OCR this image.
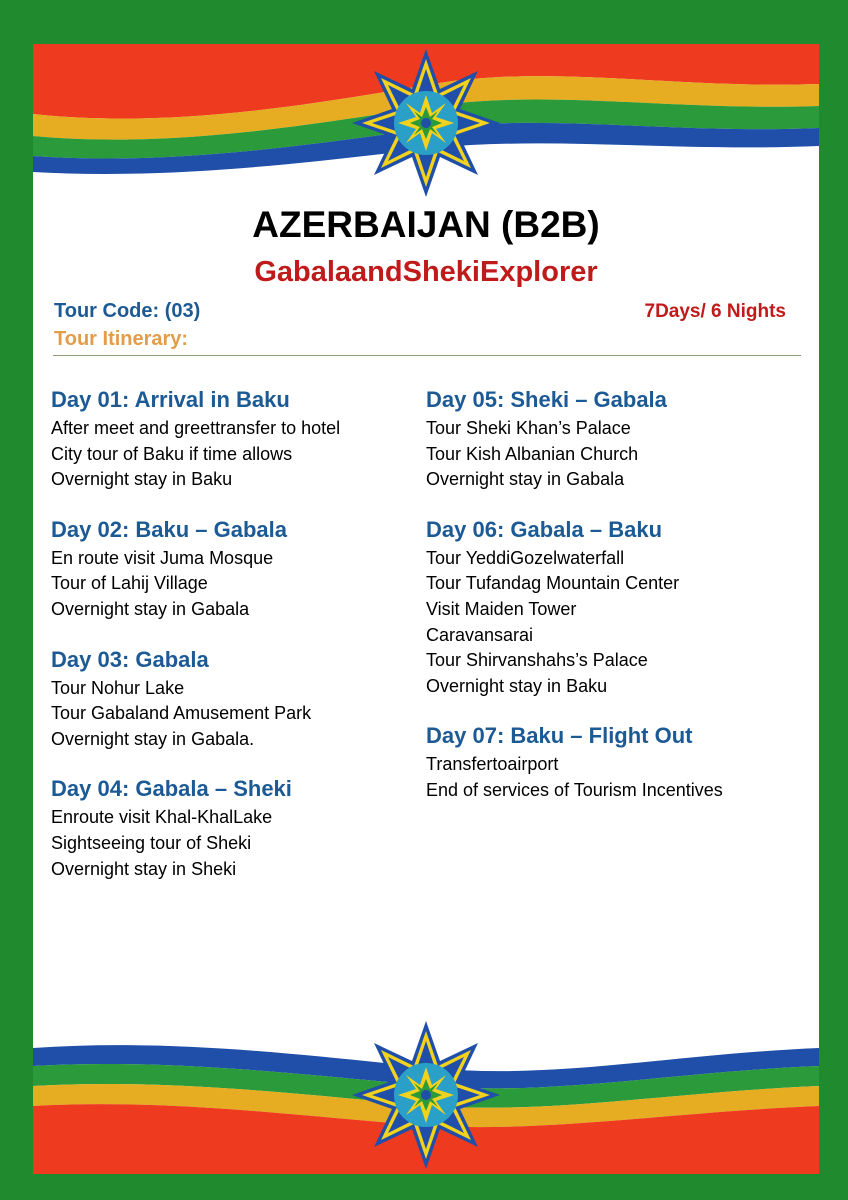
AZERBAIJAN (B2B)
GabalaandShekiExplorer
Tour Code: (03)	7Days/ 6 Nights
Tour Itinerary:

Day 01: Arrival in Baku

After meet and greettransfer to hotel

City tour of Baku if time allows

Overnight stay in Baku

Day 02: Baku – Gabala

En route visit Juma Mosque

Tour of Lahij Village

Overnight stay in Gabala

Day 03: Gabala

Tour Nohur Lake

Tour Gabaland Amusement Park

Overnight stay in Gabala.

Day 04: Gabala – Sheki

Enroute visit Khal-KhalLake

Sightseeing tour of Sheki

Overnight stay in Sheki

Day 05: Sheki – Gabala

Tour Sheki Khan’s Palace

Tour Kish Albanian Church

Overnight stay in Gabala

Day 06: Gabala – Baku

Tour YeddiGozelwaterfall

Tour Tufandag Mountain Center

Visit Maiden Tower

Caravansarai

Tour Shirvanshahs’s Palace

Overnight stay in Baku

Day 07: Baku – Flight Out

Transfertoairport

End of services of Tourism Incentives
